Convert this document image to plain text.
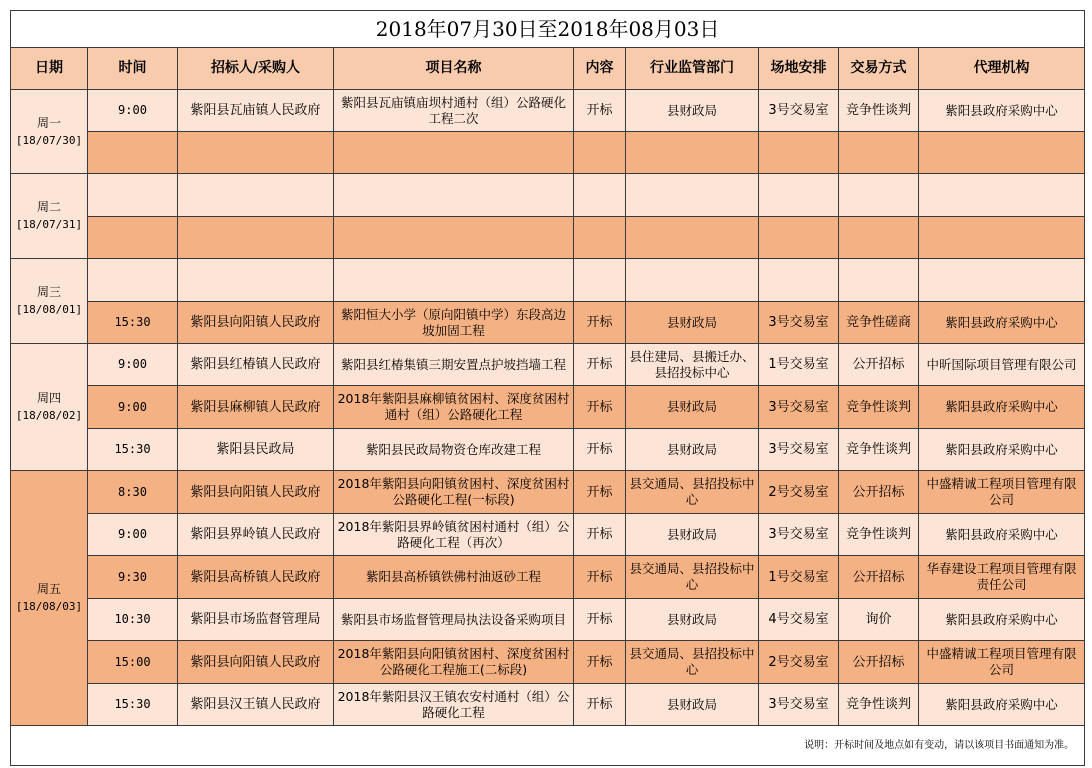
2018年07月30日至2018年08月03日								
日期	时间	招标人/采购人	项目名称	内容	行业监管部门	场地安排	交易方式	代理机构

周一
[18/07/30]	9:00	紫阳县瓦庙镇人民政府	紫阳县瓦庙镇庙坝村通村（组）公路硬化工程二次	开标	县财政局	3号交易室	竞争性谈判	紫阳县政府采购中心

周二
[18/07/31]								

周三
[18/08/01]								

	15:30	紫阳县向阳镇人民政府	紫阳恒大小学（原向阳镇中学）东段高边坡加固工程	开标	县财政局	3号交易室	竞争性磋商	紫阳县政府采购中心

周四
[18/08/02]	9:00	紫阳县红椿镇人民政府	紫阳县红椿集镇三期安置点护坡挡墙工程	开标	县住建局、县搬迁办、县招投标中心	1号交易室	公开招标	中昕国际项目管理有限公司
	9:00	紫阳县麻柳镇人民政府	2018年紫阳县麻柳镇贫困村、深度贫困村通村（组）公路硬化工程	开标	县财政局	3号交易室	竞争性谈判	紫阳县政府采购中心
	15:30	紫阳县民政局	紫阳县民政局物资仓库改建工程	开标	县财政局	3号交易室	竞争性谈判	紫阳县政府采购中心

周五
[18/08/03]	8:30	紫阳县向阳镇人民政府	2018年紫阳县向阳镇贫困村、深度贫困村公路硬化工程(一标段)	开标	县交通局、县招投标中心	2号交易室	公开招标	中盛精诚工程项目管理有限公司
	9:00	紫阳县界岭镇人民政府	2018年紫阳县界岭镇贫困村通村（组）公路硬化工程（再次）	开标	县财政局	3号交易室	竞争性谈判	紫阳县政府采购中心
	9:30	紫阳县高桥镇人民政府	紫阳县高桥镇铁佛村油返砂工程	开标	县交通局、县招投标中心	1号交易室	公开招标	华春建设工程项目管理有限责任公司
	10:30	紫阳县市场监督管理局	紫阳县市场监督管理局执法设备采购项目	开标	县财政局	4号交易室	询价	紫阳县政府采购中心
	15:00	紫阳县向阳镇人民政府	2018年紫阳县向阳镇贫困村、深度贫困村公路硬化工程施工(二标段)	开标	县交通局、县招投标中心	2号交易室	公开招标	中盛精诚工程项目管理有限公司
	15:30	紫阳县汉王镇人民政府	2018年紫阳县汉王镇农安村通村（组）公路硬化工程	开标	县财政局	3号交易室	竞争性谈判	紫阳县政府采购中心
说明：开标时间及地点如有变动，请以该项目书面通知为准。								
